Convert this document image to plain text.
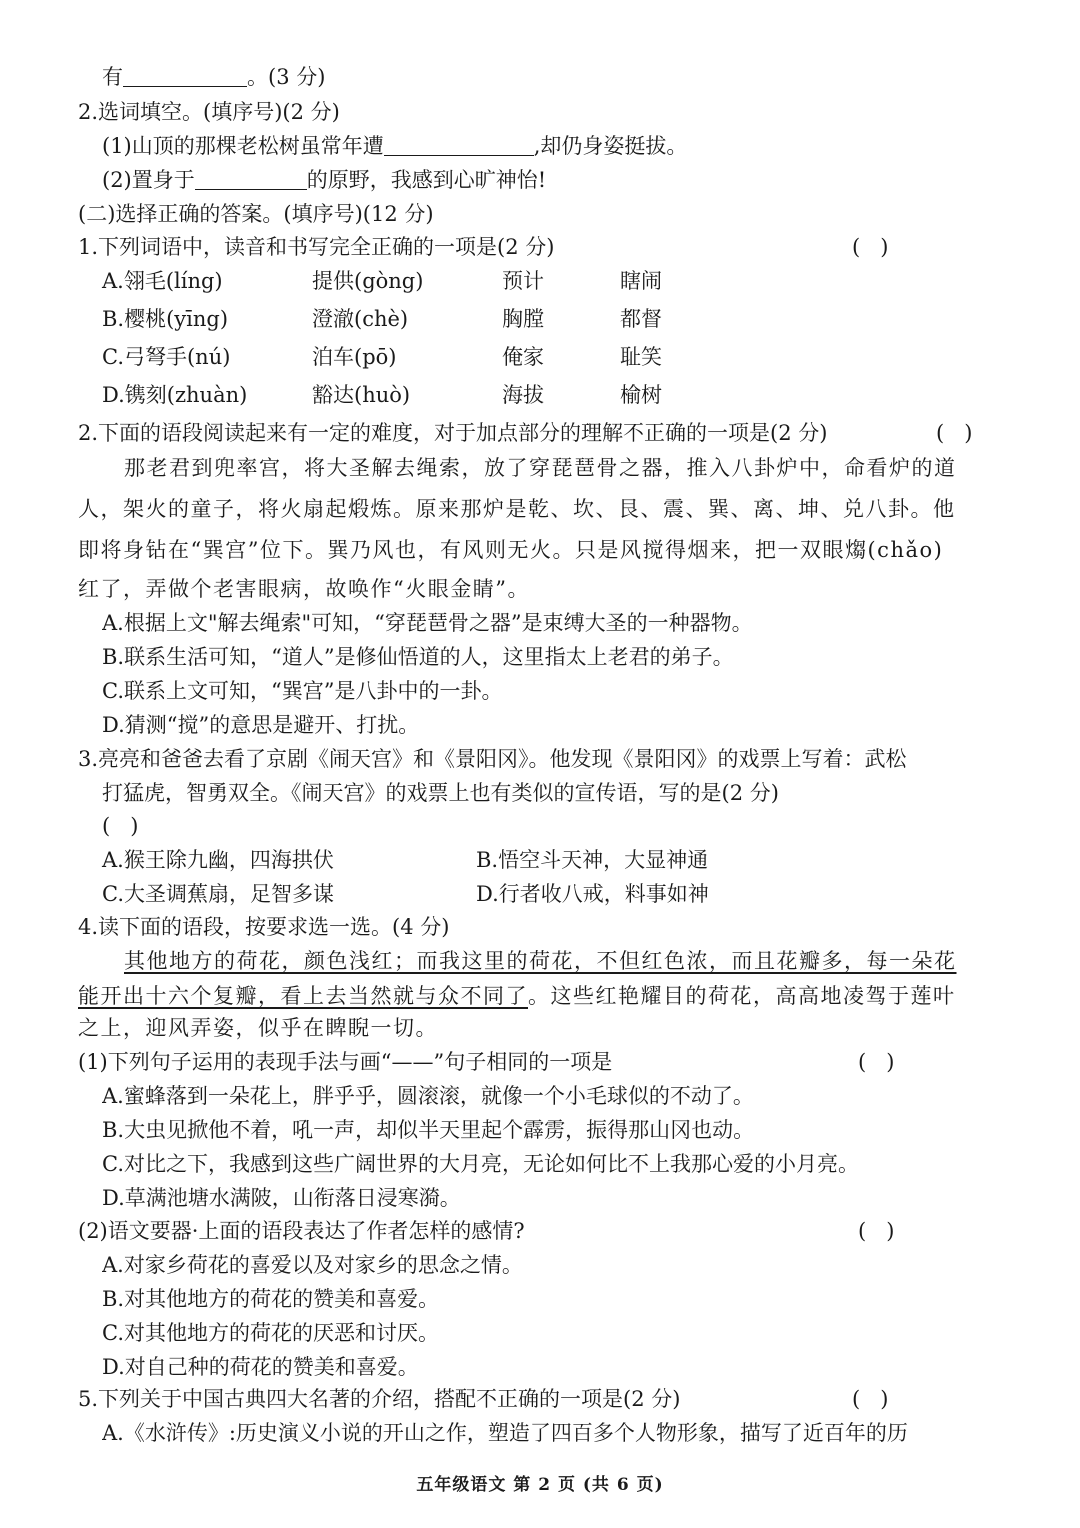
有	。(3 分)
2.选词填空。(填序号)(2 分)
(1)山顶的那棵老松树虽常年遭	,却仍身姿挺拔。
(2)置身于	的原野，我感到心旷神怡!
(二)选择正确的答案。(填序号)(12 分)
1.下列词语中，读音和书写完全正确的一项是(2 分)	(   )
A.翎毛(líng)	提供(gòng)	预计	瞎闹
B.樱桃(yīng)	澄澈(chè)	胸膛	都督
C.弓弩手(nú)	泊车(pō)	俺家	耻笑
D.镌刻(zhuàn)	豁达(huò)	海拔	榆树
2.下面的语段阅读起来有一定的难度，对于加点部分的理解不正确的一项是(2 分)	(   )
那老君到兜率宫，将大圣解去绳索，放了穿琵琶骨之器，推入八卦炉中，命看炉的道
人，架火的童子，将火扇起煅炼。原来那炉是乾、坎、艮、震、巽、离、坤、兑八卦。他
即将身钻在“巽宫”位下。巽乃风也，有风则无火。只是风搅得烟来，把一双眼煼(chǎo)
红了，弄做个老害眼病，故唤作“火眼金睛”。
A.根据上文"解去绳索"可知，“穿琵琶骨之器”是束缚大圣的一种器物。
B.联系生活可知，“道人”是修仙悟道的人，这里指太上老君的弟子。
C.联系上文可知，“巽宫”是八卦中的一卦。
D.猜测“搅”的意思是避开、打扰。
3.亮亮和爸爸去看了京剧《闹天宫》和《景阳冈》。他发现《景阳冈》的戏票上写着：武松
打猛虎，智勇双全。《闹天宫》的戏票上也有类似的宣传语，写的是(2 分)
(   )
A.猴王除九幽，四海拱伏	B.悟空斗天神，大显神通
C.大圣调蕉扇，足智多谋	D.行者收八戒，料事如神
4.读下面的语段，按要求选一选。(4 分)
其他地方的荷花，颜色浅红；而我这里的荷花，不但红色浓，而且花瓣多，每一朵花
能开出十六个复瓣，看上去当然就与众不同了。这些红艳耀目的荷花，高高地凌驾于莲叶
之上，迎风弄姿，似乎在睥睨一切。
(1)下列句子运用的表现手法与画“——”句子相同的一项是	(   )
A.蜜蜂落到一朵花上，胖乎乎，圆滚滚，就像一个小毛球似的不动了。
B.大虫见掀他不着，吼一声，却似半天里起个霹雳，振得那山冈也动。
C.对比之下，我感到这些广阔世界的大月亮，无论如何比不上我那心爱的小月亮。
D.草满池塘水满陂，山衔落日浸寒漪。
(2)语文要器·上面的语段表达了作者怎样的感情?	(   )
A.对家乡荷花的喜爱以及对家乡的思念之情。
B.对其他地方的荷花的赞美和喜爱。
C.对其他地方的荷花的厌恶和讨厌。
D.对自己种的荷花的赞美和喜爱。
5.下列关于中国古典四大名著的介绍，搭配不正确的一项是(2 分)	(   )
A.《水浒传》:历史演义小说的开山之作，塑造了四百多个人物形象，描写了近百年的历
五年级语文 第 2 页 (共 6 页)
